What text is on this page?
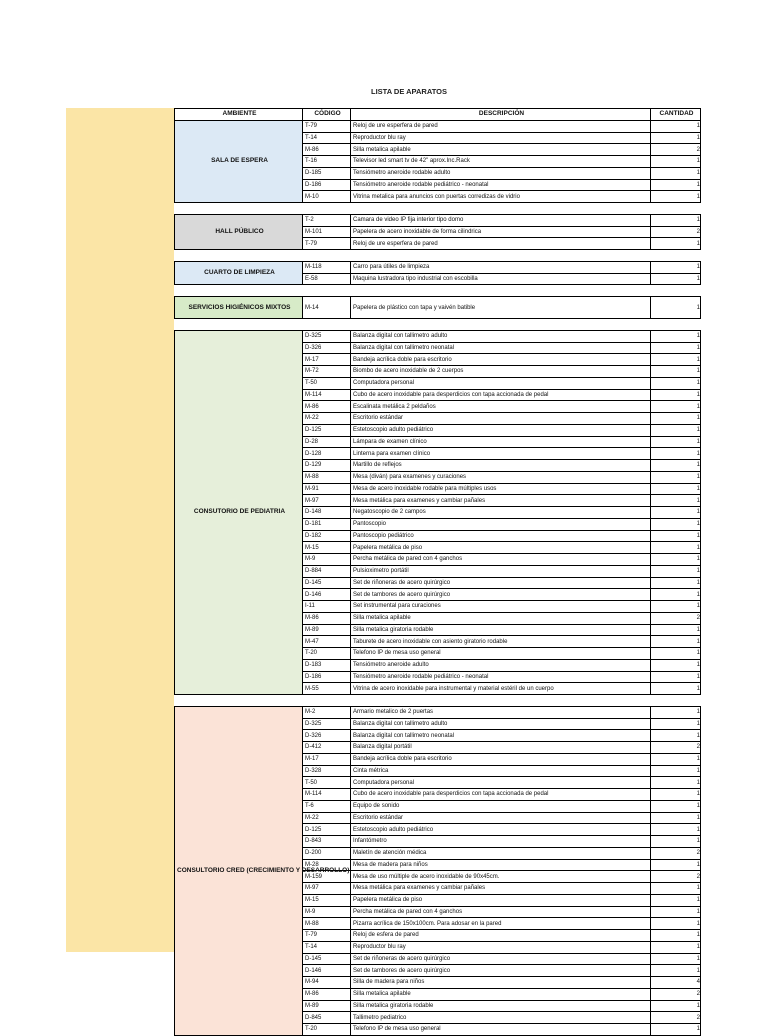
LISTA DE APARATOS
AMBIENTE	CÓDIGO	DESCRIPCIÓN	CANTIDAD
SALA DE ESPERA	T-79	Reloj de ure esperfera de pared	1
	T-14	Reproductor blu ray	1
	M-86	Silla metalica apilable	2
	T-16	Televisor led smart tv de 42" aprox.Inc.Rack	1
	D-185	Tensiómetro aneroide rodable adulto	1
	D-186	Tensiómetro aneroide rodable pediátrico - neonatal	1
	M-10	Vitrina metalica para anuncios con puertas corredizas de vidrio	1

HALL PÚBLICO	T-2	Camara de video IP fija interior tipo domo	1
	M-101	Papelera de acero inoxidable de forma cilindrica	2
	T-79	Reloj de ure esperfera de pared	1

CUARTO DE LIMPIEZA	M-118	Carro para útiles de limpieza	1
	E-58	Maquina lustradora tipo industrial con escobilla	1

SERVICIOS HIGIÉNICOS MIXTOS	M-14	Papelera de plástico con tapa y vaivén batible	1

CONSUTORIO DE PEDIATRIA	D-325	Balanza digital con tallimetro adulto	1
	D-326	Balanza digital con tallimetro neonatal	1
	M-17	Bandeja acrílica doble para escritorio	1
	M-72	Biombo de acero inoxidable de 2 cuerpos	1
	T-50	Computadora personal	1
	M-114	Cubo de acero inoxidable para desperdicios con tapa accionada de pedal	1
	M-86	Escalinata metálica 2 peldaños	1
	M-22	Escritorio estándar	1
	D-125	Estetoscopio adulto pediátrico	1
	D-28	Lámpara de examen clínico	1
	D-128	Linterna para examen clínico	1
	D-129	Martillo de reflejos	1
	M-88	Mesa (diván) para examenes y curaciones	1
	M-91	Mesa de acero inoxidable rodable para múltiples usos	1
	M-97	Mesa metálica para examenes y cambiar pañales	1
	D-148	Negatoscopio de 2 campos	1
	D-181	Pantoscopio	1
	D-182	Pantoscopio pediátrico	1
	M-15	Papelera metálica de piso	1
	M-9	Percha metálica de pared con 4 ganchos	1
	D-884	Pulsioximetro portátil	1
	D-145	Set de riñoneras de acero quirúrgico	1
	D-146	Set de tambores de acero quirúrgico	1
	I-11	Set instrumental para curaciones	1
	M-86	Silla metalica apilable	2
	M-89	Silla metalica giratoria rodable	1
	M-47	Taburete de acero inoxidable con asiento giratorio rodable	1
	T-20	Telefono IP de mesa uso general	1
	D-183	Tensiómetro aneroide adulto	1
	D-186	Tensiómetro aneroide rodable pediátrico - neonatal	1
	M-55	Vitrina de acero inoxidable para instrumental y material estéril de un cuerpo	1

CONSULTORIO CRED (CRECIMIENTO Y DESARROLLO)	M-2	Armario metalico de 2 puertas	1
	D-325	Balanza digital con tallimetro adulto	1
	D-326	Balanza digital con tallimetro neonatal	1
	D-412	Balanza digital portátil	2
	M-17	Bandeja acrílica doble para escritorio	1
	D-328	Cinta métrica	1
	T-50	Computadora personal	1
	M-114	Cubo de acero inoxidable para desperdicios con tapa accionada de pedal	1
	T-6	Equipo de sonido	1
	M-22	Escritorio estándar	1
	D-125	Estetoscopio adulto pediátrico	1
	D-843	Infantómetro	1
	D-200	Maletín de atención médica	2
	M-28	Mesa de madera para niños	1
	M-159	Mesa de uso múltiple de acero inoxidable de 90x45cm.	2
	M-97	Mesa metálica para examenes y cambiar pañales	1
	M-15	Papelera metálica de piso	1
	M-9	Percha metálica de pared con 4 ganchos	1
	M-88	Pizarra acrílica de 150x100cm. Para adosar en la pared	1
	T-79	Reloj de esfera de pared	1
	T-14	Reproductor blu ray	1
	D-145	Set de riñoneras de acero quirúrgico	1
	D-146	Set de tambores de acero quirúrgico	1
	M-94	Silla de madera para niños	4
	M-86	Silla metalica apilable	2
	M-89	Silla metalica giratoria rodable	1
	D-845	Tallimetro pediatrico	2
	T-20	Telefono IP de mesa uso general	1
